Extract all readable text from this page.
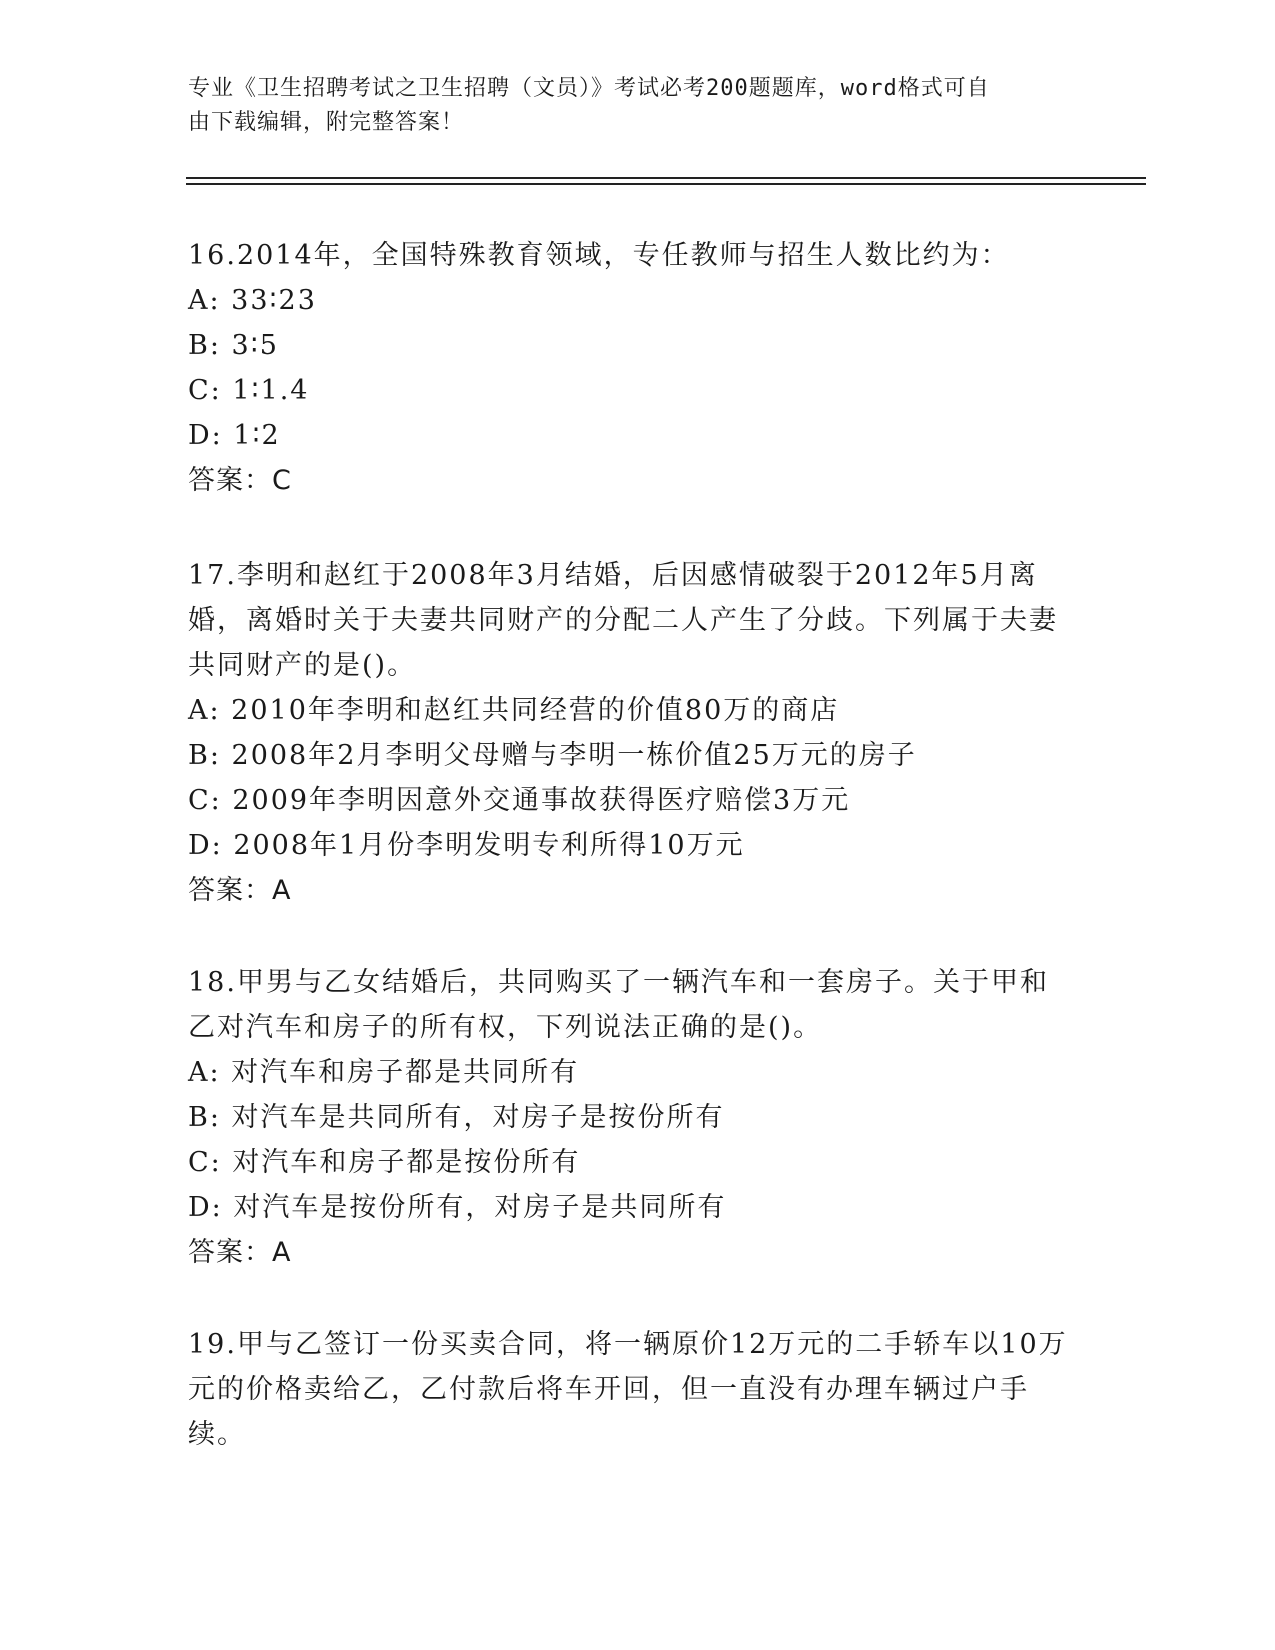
专业《卫生招聘考试之卫生招聘（文员）》考试必考200题题库，word格式可自
由下载编辑，附完整答案！
16.2014年，全国特殊教育领域，专任教师与招生人数比约为：
A: 33∶23
B: 3∶5
C: 1∶1.4
D: 1∶2
答案：C
17.李明和赵红于2008年3月结婚，后因感情破裂于2012年5月离婚，离婚时关于夫妻共同财产的分配二人产生了分歧。下列属于夫妻共同财产的是()。
A: 2010年李明和赵红共同经营的价值80万的商店
B: 2008年2月李明父母赠与李明一栋价值25万元的房子
C: 2009年李明因意外交通事故获得医疗赔偿3万元
D: 2008年1月份李明发明专利所得10万元
答案：A
18.甲男与乙女结婚后，共同购买了一辆汽车和一套房子。关于甲和乙对汽车和房子的所有权，下列说法正确的是()。
A: 对汽车和房子都是共同所有
B: 对汽车是共同所有，对房子是按份所有
C: 对汽车和房子都是按份所有
D: 对汽车是按份所有，对房子是共同所有
答案：A
19.甲与乙签订一份买卖合同，将一辆原价12万元的二手轿车以10万元的价格卖给乙，乙付款后将车开回，但一直没有办理车辆过户手续。
